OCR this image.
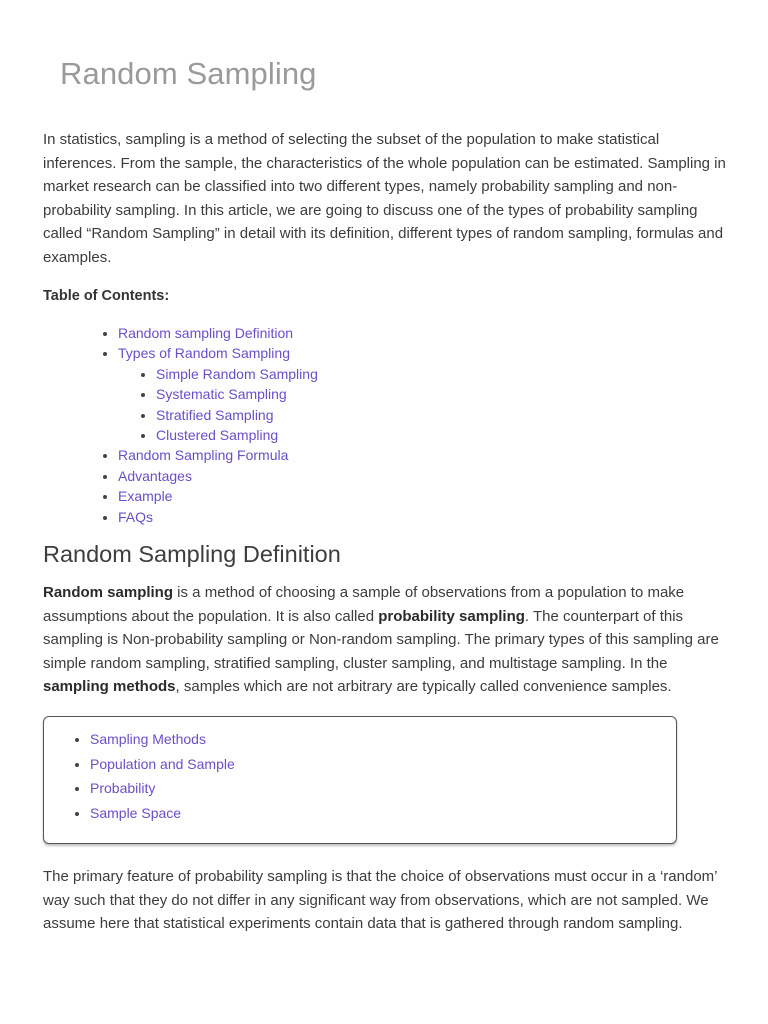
Random Sampling

In statistics, sampling is a method of selecting the subset of the population to make statistical inferences. From the sample, the characteristics of the whole population can be estimated. Sampling in market research can be classified into two different types, namely probability sampling and non-probability sampling. In this article, we are going to discuss one of the types of probability sampling called “Random Sampling” in detail with its definition, different types of random sampling, formulas and examples.

Table of Contents:

• Random sampling Definition
• Types of Random Sampling
• Simple Random Sampling
• Systematic Sampling
• Stratified Sampling
• Clustered Sampling
• Random Sampling Formula
• Advantages
• Example
• FAQs
Random Sampling Definition

Random sampling is a method of choosing a sample of observations from a population to make assumptions about the population. It is also called probability sampling. The counterpart of this sampling is Non-probability sampling or Non-random sampling. The primary types of this sampling are simple random sampling, stratified sampling, cluster sampling, and multistage sampling. In the sampling methods, samples which are not arbitrary are typically called convenience samples.

• Sampling Methods
• Population and Sample
• Probability
• Sample Space

The primary feature of probability sampling is that the choice of observations must occur in a ‘random’ way such that they do not differ in any significant way from observations, which are not sampled. We assume here that statistical experiments contain data that is gathered through random sampling.
